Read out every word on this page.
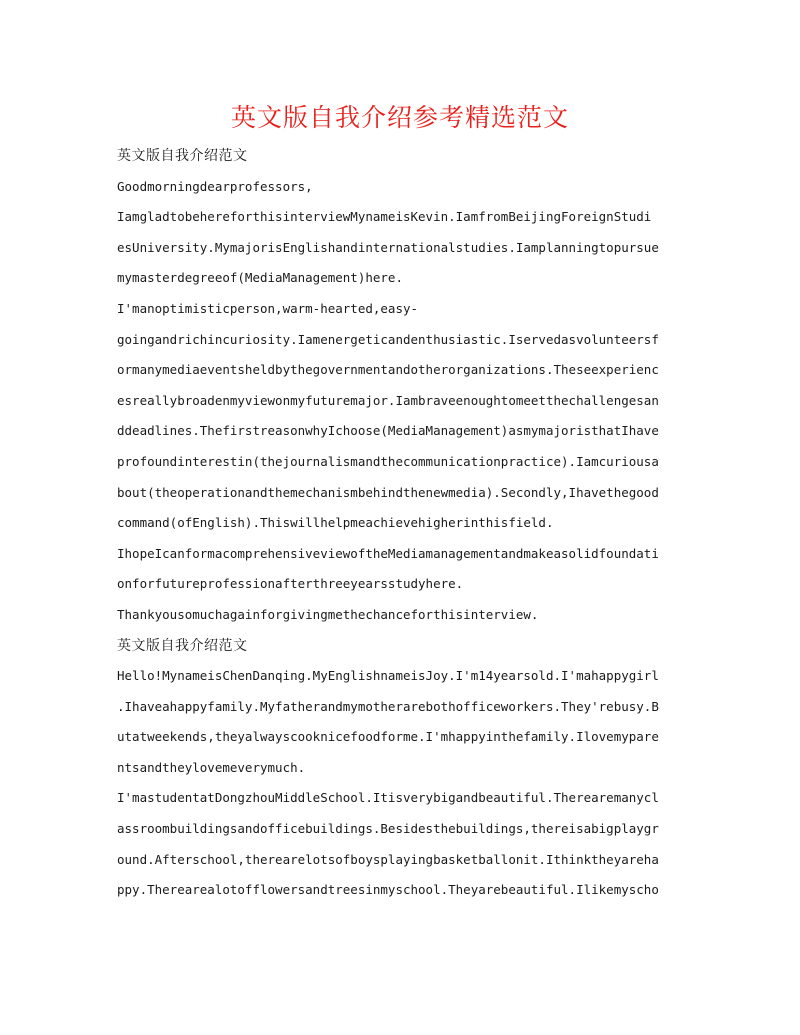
英文版自我介绍参考精选范文
英文版自我介绍范文
Goodmorningdearprofessors,
IamgladtobehereforthisinterviewMynameisKevin.IamfromBeijingForeignStudi
esUniversity.MymajorisEnglishandinternationalstudies.Iamplanningtopursue
mymasterdegreeof(MediaManagement)here.
I'manoptimisticperson,warm-hearted,easy-
goingandrichincuriosity.Iamenergeticandenthusiastic.Iservedasvolunteersf
ormanymediaeventsheldbythegovernmentandotherorganizations.Theseexperienc
esreallybroadenmyviewonmyfuturemajor.Iambraveenoughtomeetthechallengesan
ddeadlines.ThefirstreasonwhyIchoose(MediaManagement)asmymajoristhatIhave
profoundinterestin(thejournalismandthecommunicationpractice).Iamcuriousa
bout(theoperationandthemechanismbehindthenewmedia).Secondly,Ihavethegood
command(ofEnglish).Thiswillhelpmeachievehigherinthisfield.
IhopeIcanformacomprehensiveviewoftheMediamanagementandmakeasolidfoundati
onforfutureprofessionafterthreeyearsstudyhere.
Thankyousomuchagainforgivingmethechanceforthisinterview.
英文版自我介绍范文
Hello!MynameisChenDanqing.MyEnglishnameisJoy.I'm14yearsold.I'mahappygirl
.Ihaveahappyfamily.Myfatherandmymotherarebothofficeworkers.They'rebusy.B
utatweekends,theyalwayscooknicefoodforme.I'mhappyinthefamily.Ilovemypare
ntsandtheylovemeverymuch.
I'mastudentatDongzhouMiddleSchool.Itisverybigandbeautiful.Therearemanycl
assroombuildingsandofficebuildings.Besidesthebuildings,thereisabigplaygr
ound.Afterschool,therearelotsofboysplayingbasketballonit.Ithinktheyareha
ppy.Therearealotofflowersandtreesinmyschool.Theyarebeautiful.Ilikemyscho
